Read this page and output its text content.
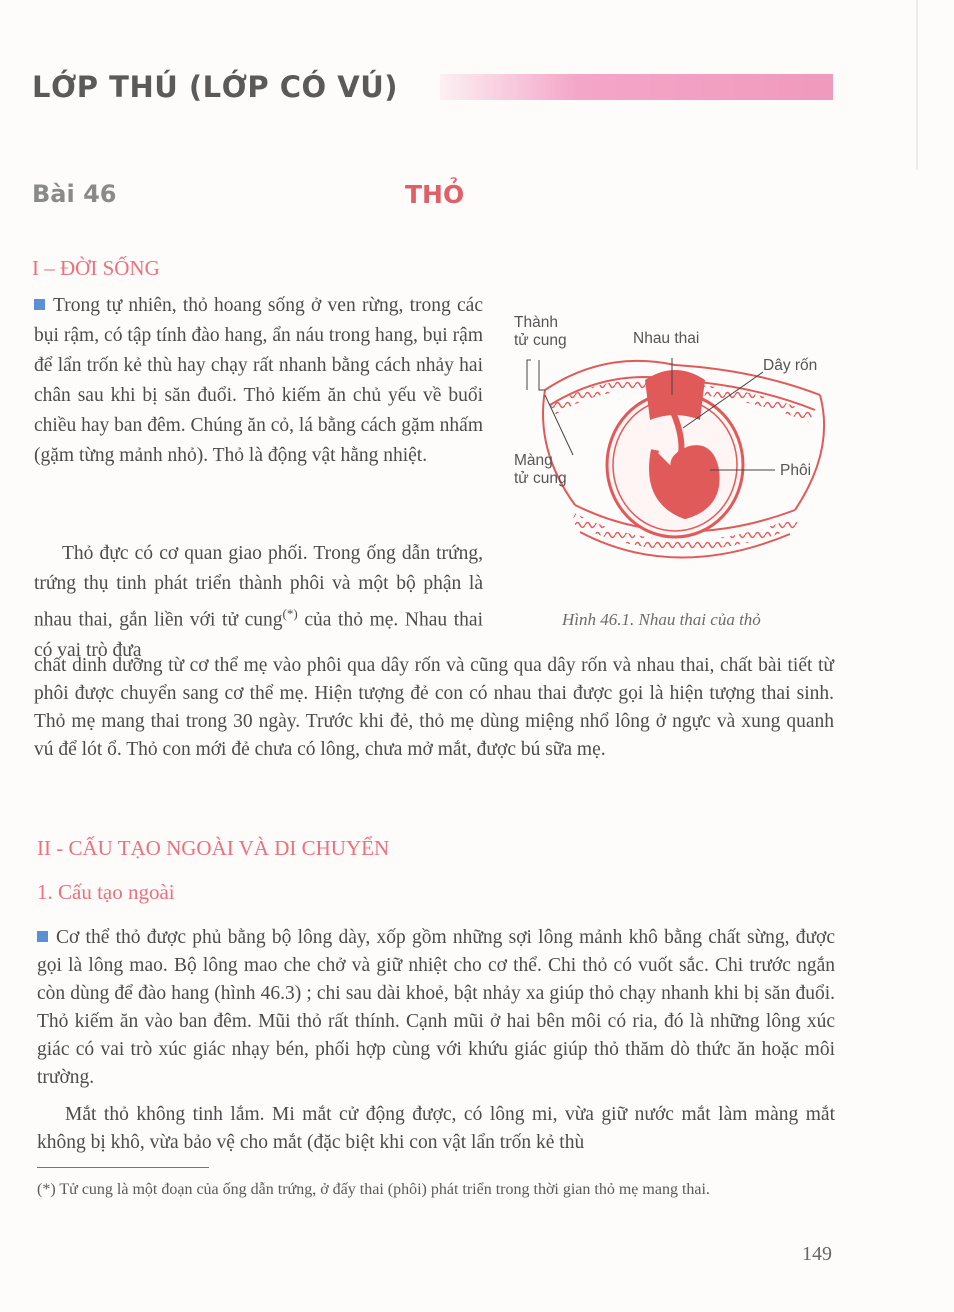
LỚP THÚ (LỚP CÓ VÚ)
Bài 46	THỎ
I – ĐỜI SỐNG
Trong tự nhiên, thỏ hoang sống ở ven rừng, trong các bụi rậm, có tập tính đào hang, ẩn náu trong hang, bụi rậm để lẩn trốn kẻ thù hay chạy rất nhanh bằng cách nhảy hai chân sau khi bị săn đuổi. Thỏ kiếm ăn chủ yếu về buổi chiều hay ban đêm. Chúng ăn cỏ, lá bằng cách gặm nhấm (gặm từng mảnh nhỏ). Thỏ là động vật hằng nhiệt.
Thỏ đực có cơ quan giao phối. Trong ống dẫn trứng, trứng thụ tinh phát triển thành phôi và một bộ phận là nhau thai, gắn liền với tử cung(*) của thỏ mẹ. Nhau thai có vai trò đưa
chất dinh dưỡng từ cơ thể mẹ vào phôi qua dây rốn và cũng qua dây rốn và nhau thai, chất bài tiết từ phôi được chuyển sang cơ thể mẹ. Hiện tượng đẻ con có nhau thai được gọi là hiện tượng thai sinh. Thỏ mẹ mang thai trong 30 ngày. Trước khi đẻ, thỏ mẹ dùng miệng nhổ lông ở ngực và xung quanh vú để lót ổ. Thỏ con mới đẻ chưa có lông, chưa mở mắt, được bú sữa mẹ.
Thành
tử cung	Nhau thai
Dây rốn
Màng
tử cung	Phôi
Hình 46.1. Nhau thai của thỏ
II - CẤU TẠO NGOÀI VÀ DI CHUYỂN
1. Cấu tạo ngoài
Cơ thể thỏ được phủ bằng bộ lông dày, xốp gồm những sợi lông mảnh khô bằng chất sừng, được gọi là lông mao. Bộ lông mao che chở và giữ nhiệt cho cơ thể. Chi thỏ có vuốt sắc. Chi trước ngắn còn dùng để đào hang (hình 46.3) ; chi sau dài khoẻ, bật nhảy xa giúp thỏ chạy nhanh khi bị săn đuổi. Thỏ kiếm ăn vào ban đêm. Mũi thỏ rất thính. Cạnh mũi ở hai bên môi có ria, đó là những lông xúc giác có vai trò xúc giác nhạy bén, phối hợp cùng với khứu giác giúp thỏ thăm dò thức ăn hoặc môi trường.
Mắt thỏ không tinh lắm. Mi mắt cử động được, có lông mi, vừa giữ nước mắt làm màng mắt không bị khô, vừa bảo vệ cho mắt (đặc biệt khi con vật lẩn trốn kẻ thù
(*) Tử cung là một đoạn của ống dẫn trứng, ở đấy thai (phôi) phát triển trong thời gian thỏ mẹ mang thai.
149
